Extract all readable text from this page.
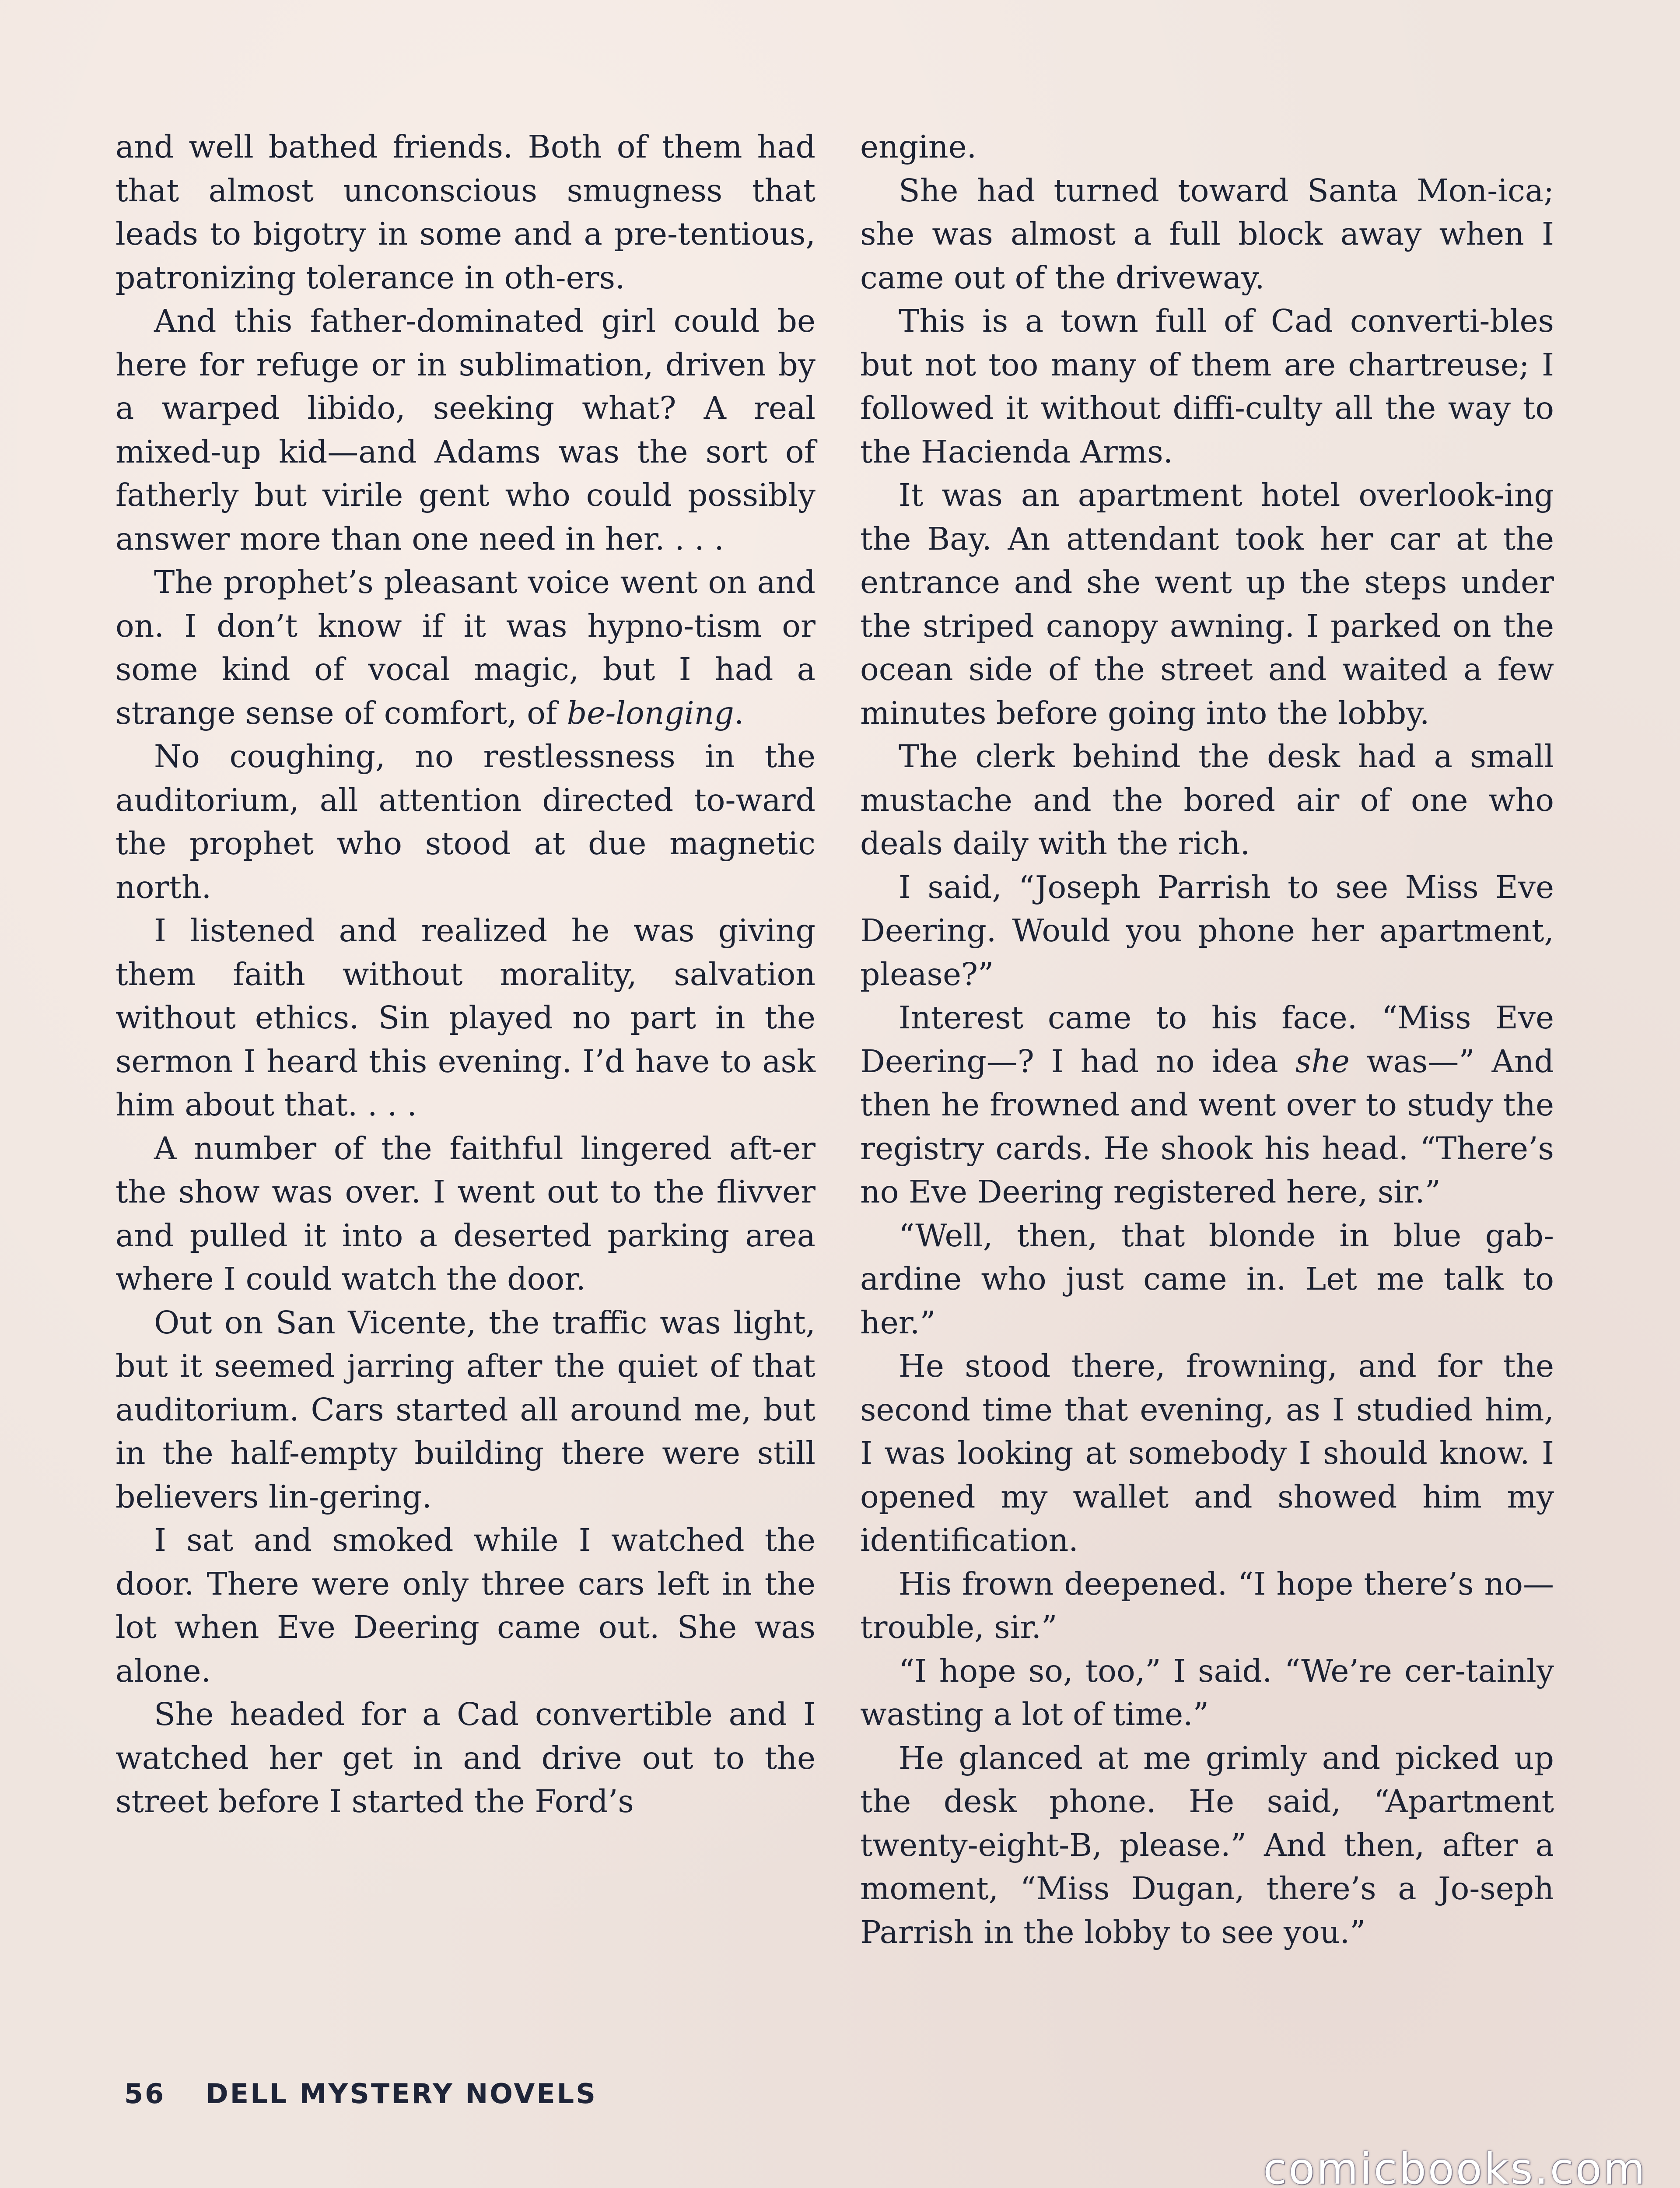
and well bathed friends. Both of them had that almost unconscious smugness that leads to bigotry in some and a pre-tentious, patronizing tolerance in oth-ers.

And this father-dominated girl could be here for refuge or in sublimation, driven by a warped libido, seeking what? A real mixed-up kid—and Adams was the sort of fatherly but virile gent who could possibly answer more than one need in her. . . .

The prophet’s pleasant voice went on and on. I don’t know if it was hypno-tism or some kind of vocal magic, but I had a strange sense of comfort, of be-longing.

No coughing, no restlessness in the auditorium, all attention directed to-ward the prophet who stood at due magnetic north.

I listened and realized he was giving them faith without morality, salvation without ethics. Sin played no part in the sermon I heard this evening. I’d have to ask him about that. . . .

A number of the faithful lingered aft-er the show was over. I went out to the flivver and pulled it into a deserted parking area where I could watch the door.

Out on San Vicente, the traffic was light, but it seemed jarring after the quiet of that auditorium. Cars started all around me, but in the half-empty building there were still believers lin-gering.

I sat and smoked while I watched the door. There were only three cars left in the lot when Eve Deering came out. She was alone.

She headed for a Cad convertible and I watched her get in and drive out to the street before I started the Ford’s

engine.

She had turned toward Santa Mon-ica; she was almost a full block away when I came out of the driveway.

This is a town full of Cad converti-bles but not too many of them are chartreuse; I followed it without diffi-culty all the way to the Hacienda Arms.

It was an apartment hotel overlook-ing the Bay. An attendant took her car at the entrance and she went up the steps under the striped canopy awning. I parked on the ocean side of the street and waited a few minutes before going into the lobby.

The clerk behind the desk had a small mustache and the bored air of one who deals daily with the rich.

I said, “Joseph Parrish to see Miss Eve Deering. Would you phone her apartment, please?”

Interest came to his face. “Miss Eve Deering—? I had no idea she was—” And then he frowned and went over to study the registry cards. He shook his head. “There’s no Eve Deering registered here, sir.”

“Well, then, that blonde in blue gab-ardine who just came in. Let me talk to her.”

He stood there, frowning, and for the second time that evening, as I studied him, I was looking at somebody I should know. I opened my wallet and showed him my identification.

His frown deepened. “I hope there’s no—trouble, sir.”

“I hope so, too,” I said. “We’re cer-tainly wasting a lot of time.”

He glanced at me grimly and picked up the desk phone. He said, “Apartment twenty-eight-B, please.” And then, after a moment, “Miss Dugan, there’s a Jo-seph Parrish in the lobby to see you.”

56 DELL MYSTERY NOVELS
comicbooks.com
